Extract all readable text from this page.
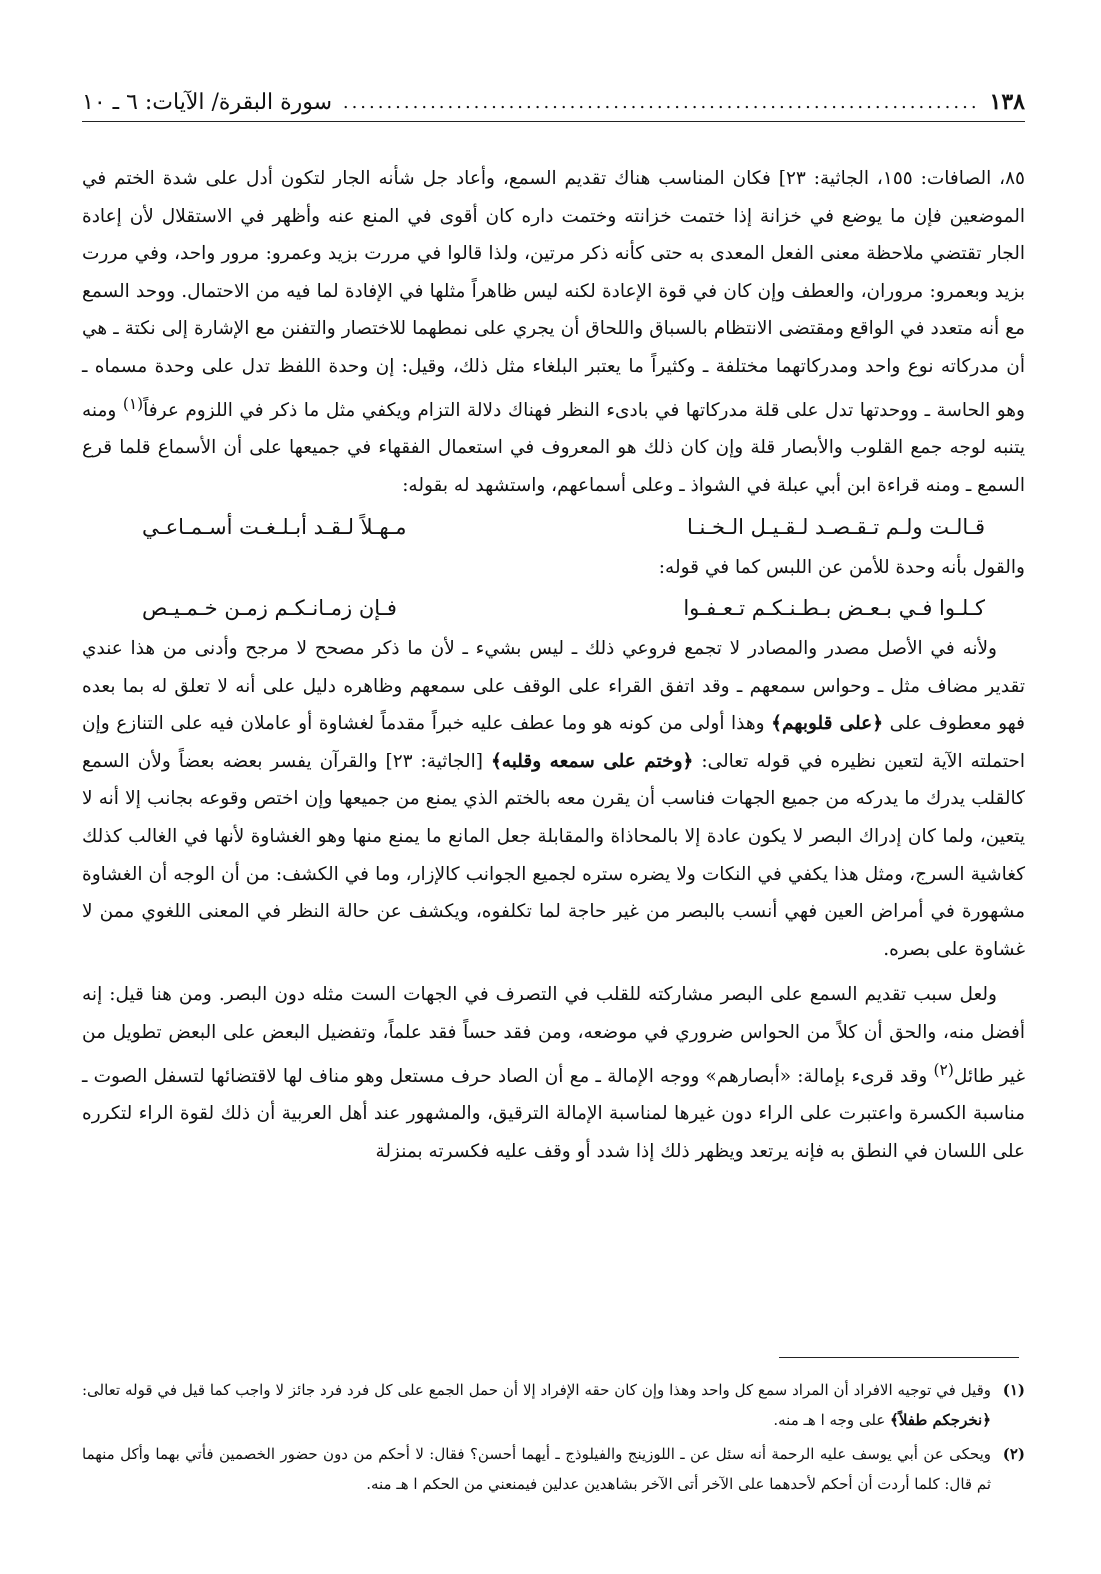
١٣٨
.....
سورة البقرة/ الآيات: ٦ ـ ١٠

٨٥، الصافات: ١٥٥، الجاثية: ٢٣] فكان المناسب هناك تقديم السمع، وأعاد جل شأنه الجار لتكون أدل على شدة الختم في الموضعين فإن ما يوضع في خزانة إذا ختمت خزانته وختمت داره كان أقوى في المنع عنه وأظهر في الاستقلال لأن إعادة الجار تقتضي ملاحظة معنى الفعل المعدى به حتى كأنه ذكر مرتين، ولذا قالوا في مررت بزيد وعمرو: مرور واحد، وفي مررت بزيد وبعمرو: مروران، والعطف وإن كان في قوة الإعادة لكنه ليس ظاهراً مثلها في الإفادة لما فيه من الاحتمال. ووحد السمع مع أنه متعدد في الواقع ومقتضى الانتظام بالسباق واللحاق أن يجري على نمطهما للاختصار والتفنن مع الإشارة إلى نكتة ـ هي أن مدركاته نوع واحد ومدركاتهما مختلفة ـ وكثيراً ما يعتبر البلغاء مثل ذلك، وقيل: إن وحدة اللفظ تدل على وحدة مسماه ـ وهو الحاسة ـ ووحدتها تدل على قلة مدركاتها في بادىء النظر فهناك دلالة التزام ويكفي مثل ما ذكر في اللزوم عرفاً$^{(١)}$ ومنه يتنبه لوجه جمع القلوب والأبصار قلة وإن كان ذلك هو المعروف في استعمال الفقهاء في جميعها على أن الأسماع قلما قرع السمع ـ ومنه قراءة ابن أبي عبلة في الشواذ ـ وعلى أسماعهم، واستشهد له بقوله:

قـالـت ولـم تـقـصـد لـقـيـل الـخـنـا
مـهـلاً لـقـد أبـلـغـت أسـمـاعـي

والقول بأنه وحدة للأمن عن اللبس كما في قوله:

كـلـوا فـي بـعـض بـطـنـكـم تـعـفـوا
فـإن زمـانـكـم زمـن خـمـيـص

ولأنه في الأصل مصدر والمصادر لا تجمع فروعي ذلك ـ ليس بشيء ـ لأن ما ذكر مصحح لا مرجح وأدنى من هذا عندي تقدير مضاف مثل ـ وحواس سمعهم ـ وقد اتفق القراء على الوقف على سمعهم وظاهره دليل على أنه لا تعلق له بما بعده فهو معطوف على ﴿على قلوبهم﴾ وهذا أولى من كونه هو وما عطف عليه خبراً مقدماً لغشاوة أو عاملان فيه على التنازع وإن احتملته الآية لتعين نظيره في قوله تعالى: ﴿وختم على سمعه وقلبه﴾ [الجاثية: ٢٣] والقرآن يفسر بعضه بعضاً ولأن السمع كالقلب يدرك ما يدركه من جميع الجهات فناسب أن يقرن معه بالختم الذي يمنع من جميعها وإن اختص وقوعه بجانب إلا أنه لا يتعين، ولما كان إدراك البصر لا يكون عادة إلا بالمحاذاة والمقابلة جعل المانع ما يمنع منها وهو الغشاوة لأنها في الغالب كذلك كغاشية السرج، ومثل هذا يكفي في النكات ولا يضره ستره لجميع الجوانب كالإزار، وما في الكشف: من أن الوجه أن الغشاوة مشهورة في أمراض العين فهي أنسب بالبصر من غير حاجة لما تكلفوه، ويكشف عن حالة النظر في المعنى اللغوي ممن لا غشاوة على بصره.

ولعل سبب تقديم السمع على البصر مشاركته للقلب في التصرف في الجهات الست مثله دون البصر. ومن هنا قيل: إنه أفضل منه، والحق أن كلاً من الحواس ضروري في موضعه، ومن فقد حساً فقد علماً، وتفضيل البعض على البعض تطويل من غير طائل$^{(٢)}$ وقد قرىء بإمالة: «أبصارهم» ووجه الإمالة ـ مع أن الصاد حرف مستعل وهو مناف لها لاقتضائها لتسفل الصوت ـ مناسبة الكسرة واعتبرت على الراء دون غيرها لمناسبة الإمالة الترقيق، والمشهور عند أهل العربية أن ذلك لقوة الراء لتكرره على اللسان في النطق به فإنه يرتعد ويظهر ذلك إذا شدد أو وقف عليه فكسرته بمنزلة

(١)
وقيل في توجيه الافراد أن المراد سمع كل واحد وهذا وإن كان حقه الإفراد إلا أن حمل الجمع على كل فرد فرد جائز لا واجب كما قيل في قوله تعالى: ﴿نخرجكم طفلاً﴾ على وجه ا هـ منه.
(٢)
ويحكى عن أبي يوسف عليه الرحمة أنه سئل عن ـ اللوزينج والفيلوذج ـ أيهما أحسن؟ فقال: لا أحكم من دون حضور الخصمين فأتي بهما وأكل منهما ثم قال: كلما أردت أن أحكم لأحدهما على الآخر أتى الآخر بشاهدين عدلين فيمنعني من الحكم ا هـ منه.
